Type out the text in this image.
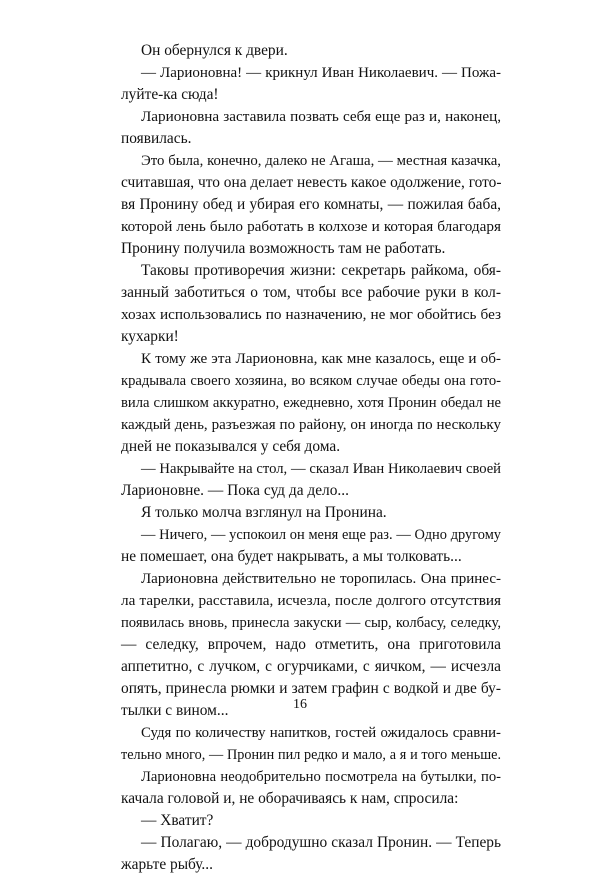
Он обернулся к двери.
— Ларионовна! — крикнул Иван Николаевич. — Пожа-
луйте-ка сюда!
Ларионовна заставила позвать себя еще раз и, наконец,
появилась.
Это была, конечно, далеко не Агаша, — местная казачка,
считавшая, что она делает невесть какое одолжение, гото-
вя Пронину обед и убирая его комнаты, — пожилая баба,
которой лень было работать в колхозе и которая благодаря
Пронину получила возможность там не работать.
Таковы противоречия жизни: секретарь райкома, обя-
занный заботиться о том, чтобы все рабочие руки в кол-
хозах использовались по назначению, не мог обойтись без
кухарки!
К тому же эта Ларионовна, как мне казалось, еще и об-
крадывала своего хозяина, во всяком случае обеды она гото-
вила слишком аккуратно, ежедневно, хотя Пронин обедал не
каждый день, разъезжая по району, он иногда по нескольку
дней не показывался у себя дома.
— Накрывайте на стол, — сказал Иван Николаевич своей
Ларионовне. — Пока суд да дело...
Я только молча взглянул на Пронина.
— Ничего, — успокоил он меня еще раз. — Одно другому
не помешает, она будет накрывать, а мы толковать...
Ларионовна действительно не торопилась. Она принес-
ла тарелки, расставила, исчезла, после долгого отсутствия
появилась вновь, принесла закуски — сыр, колбасу, селедку,
— селедку, впрочем, надо отметить, она приготовила
аппетитно, с лучком, с огурчиками, с яичком, — исчезла
опять, принесла рюмки и затем графин с водкой и две бу-
тылки с вином...
Судя по количеству напитков, гостей ожидалось сравни-
тельно много, — Пронин пил редко и мало, а я и того меньше.
Ларионовна неодобрительно посмотрела на бутылки, по-
качала головой и, не оборачиваясь к нам, спросила:
— Хватит?
— Полагаю, — добродушно сказал Пронин. — Теперь
жарьте рыбу...
16
